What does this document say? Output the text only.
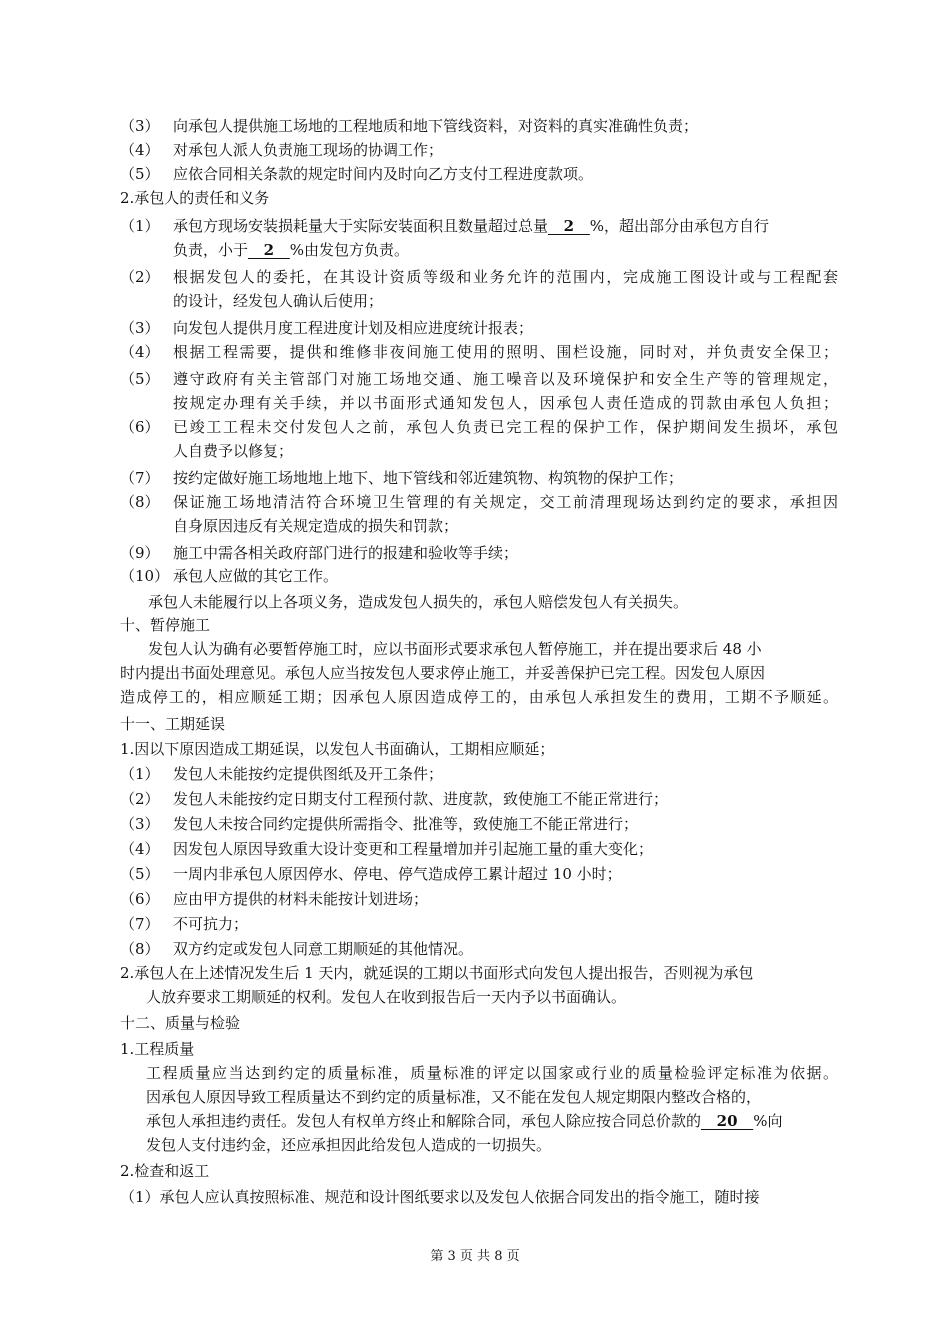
（3） 向承包人提供施工场地的工程地质和地下管线资料，对资料的真实准确性负责；
（4） 对承包人派人负责施工现场的协调工作；
（5） 应依合同相关条款的规定时间内及时向乙方支付工程进度款项。
2.承包人的责任和义务
（1） 承包方现场安装损耗量大于实际安装面积且数量超过总量   2   %，超出部分由承包方自行
负责，小于   2   %由发包方负责。
（2） 根据发包人的委托，在其设计资质等级和业务允许的范围内，完成施工图设计或与工程配套
的设计，经发包人确认后使用；
（3） 向发包人提供月度工程进度计划及相应进度统计报表；
（4） 根据工程需要，提供和维修非夜间施工使用的照明、围栏设施，同时对，并负责安全保卫；
（5） 遵守政府有关主管部门对施工场地交通、施工噪音以及环境保护和安全生产等的管理规定，
按规定办理有关手续，并以书面形式通知发包人，因承包人责任造成的罚款由承包人负担；
（6） 已竣工工程未交付发包人之前，承包人负责已完工程的保护工作，保护期间发生损坏，承包
人自费予以修复；
（7） 按约定做好施工场地地上地下、地下管线和邻近建筑物、构筑物的保护工作；
（8） 保证施工场地清洁符合环境卫生管理的有关规定，交工前清理现场达到约定的要求，承担因
自身原因违反有关规定造成的损失和罚款；
（9） 施工中需各相关政府部门进行的报建和验收等手续；
（10） 承包人应做的其它工作。
承包人未能履行以上各项义务，造成发包人损失的，承包人赔偿发包人有关损失。
十、暂停施工
发包人认为确有必要暂停施工时，应以书面形式要求承包人暂停施工，并在提出要求后 48 小
时内提出书面处理意见。承包人应当按发包人要求停止施工，并妥善保护已完工程。因发包人原因
造成停工的，相应顺延工期；因承包人原因造成停工的，由承包人承担发生的费用，工期不予顺延。
十一、工期延误
1.因以下原因造成工期延误，以发包人书面确认，工期相应顺延；
（1） 发包人未能按约定提供图纸及开工条件；
（2） 发包人未能按约定日期支付工程预付款、进度款，致使施工不能正常进行；
（3） 发包人未按合同约定提供所需指令、批准等，致使施工不能正常进行；
（4） 因发包人原因导致重大设计变更和工程量增加并引起施工量的重大变化；
（5） 一周内非承包人原因停水、停电、停气造成停工累计超过 10 小时；
（6） 应由甲方提供的材料未能按计划进场；
（7） 不可抗力；
（8） 双方约定或发包人同意工期顺延的其他情况。
2.承包人在上述情况发生后 1 天内，就延误的工期以书面形式向发包人提出报告，否则视为承包
人放弃要求工期顺延的权利。发包人在收到报告后一天内予以书面确认。
十二、质量与检验
1.工程质量
工程质量应当达到约定的质量标准，质量标准的评定以国家或行业的质量检验评定标准为依据。
因承包人原因导致工程质量达不到约定的质量标准，又不能在发包人规定期限内整改合格的，
承包人承担违约责任。发包人有权单方终止和解除合同，承包人除应按合同总价款的   20   %向
发包人支付违约金，还应承担因此给发包人造成的一切损失。
2.检查和返工
（1）承包人应认真按照标准、规范和设计图纸要求以及发包人依据合同发出的指令施工，随时接
第 3 页 共 8 页
